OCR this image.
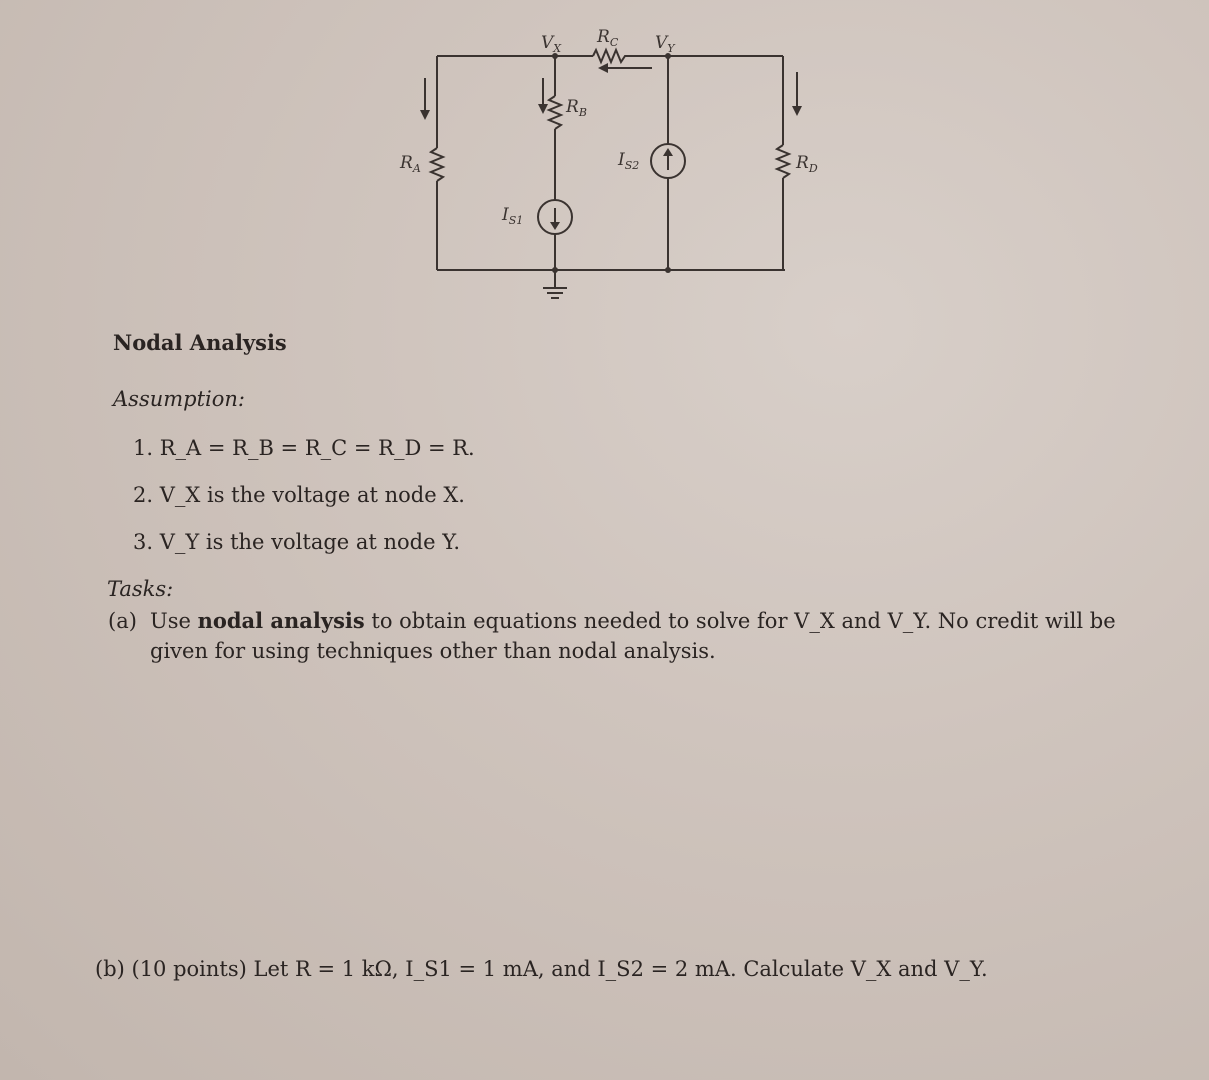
$V_X$
$R_C$ $V_Y$
$R_B$
$R_A$	$R_D$
$I_{S1}$
$I_{S2}$
Nodal Analysis
Assumption:
1. R_A = R_B = R_C = R_D = R.
2. V_X is the voltage at node X.
3. V_Y is the voltage at node Y.
Tasks:
(a) Use nodal analysis to obtain equations needed to solve for V_X and V_Y. No credit will be given for using techniques other than nodal analysis.
(b) (10 points) Let R = 1 kΩ, I_S1 = 1 mA, and I_S2 = 2 mA. Calculate V_X and V_Y.
